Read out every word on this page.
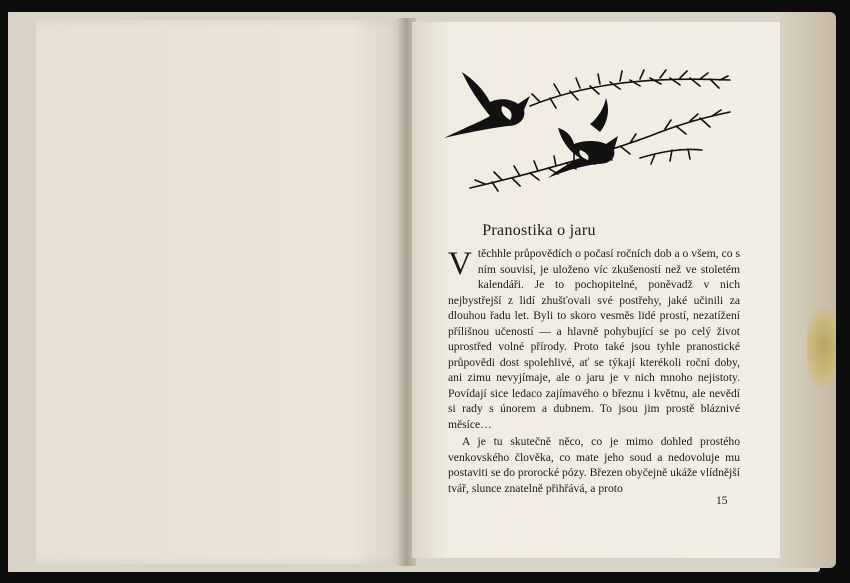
Pranostika o jaru

Vtěchhle průpovědích o počasí ročních dob a o všem, co s ním souvisí, je uloženo víc zkušeností než ve stoletém kalendáři. Je to pochopitelné, poněvadž v nich nejbystřejší z lidí zhušťovali své postřehy, jaké učinili za dlouhou řadu let. Byli to skoro vesměs lidé prostí, nezatížení přílišnou učeností — a hlavně pohybující se po celý život uprostřed volné přírody. Proto také jsou tyhle pranostické průpovědi dost spolehlivé, ať se týkají kterékoli roční doby, ani zimu nevyjímaje, ale o jaru je v nich mnoho nejistoty. Povídají sice ledaco zajímavého o březnu i květnu, ale nevědí si rady s únorem a dubnem. To jsou jim prostě bláznivé měsíce…

A je tu skutečně něco, co je mimo dohled prostého venkovského člověka, co mate jeho soud a nedovoluje mu postaviti se do prorocké pózy. Březen obyčejně ukáže vlídnější tvář, slunce znatelně přihřává, a proto

15
